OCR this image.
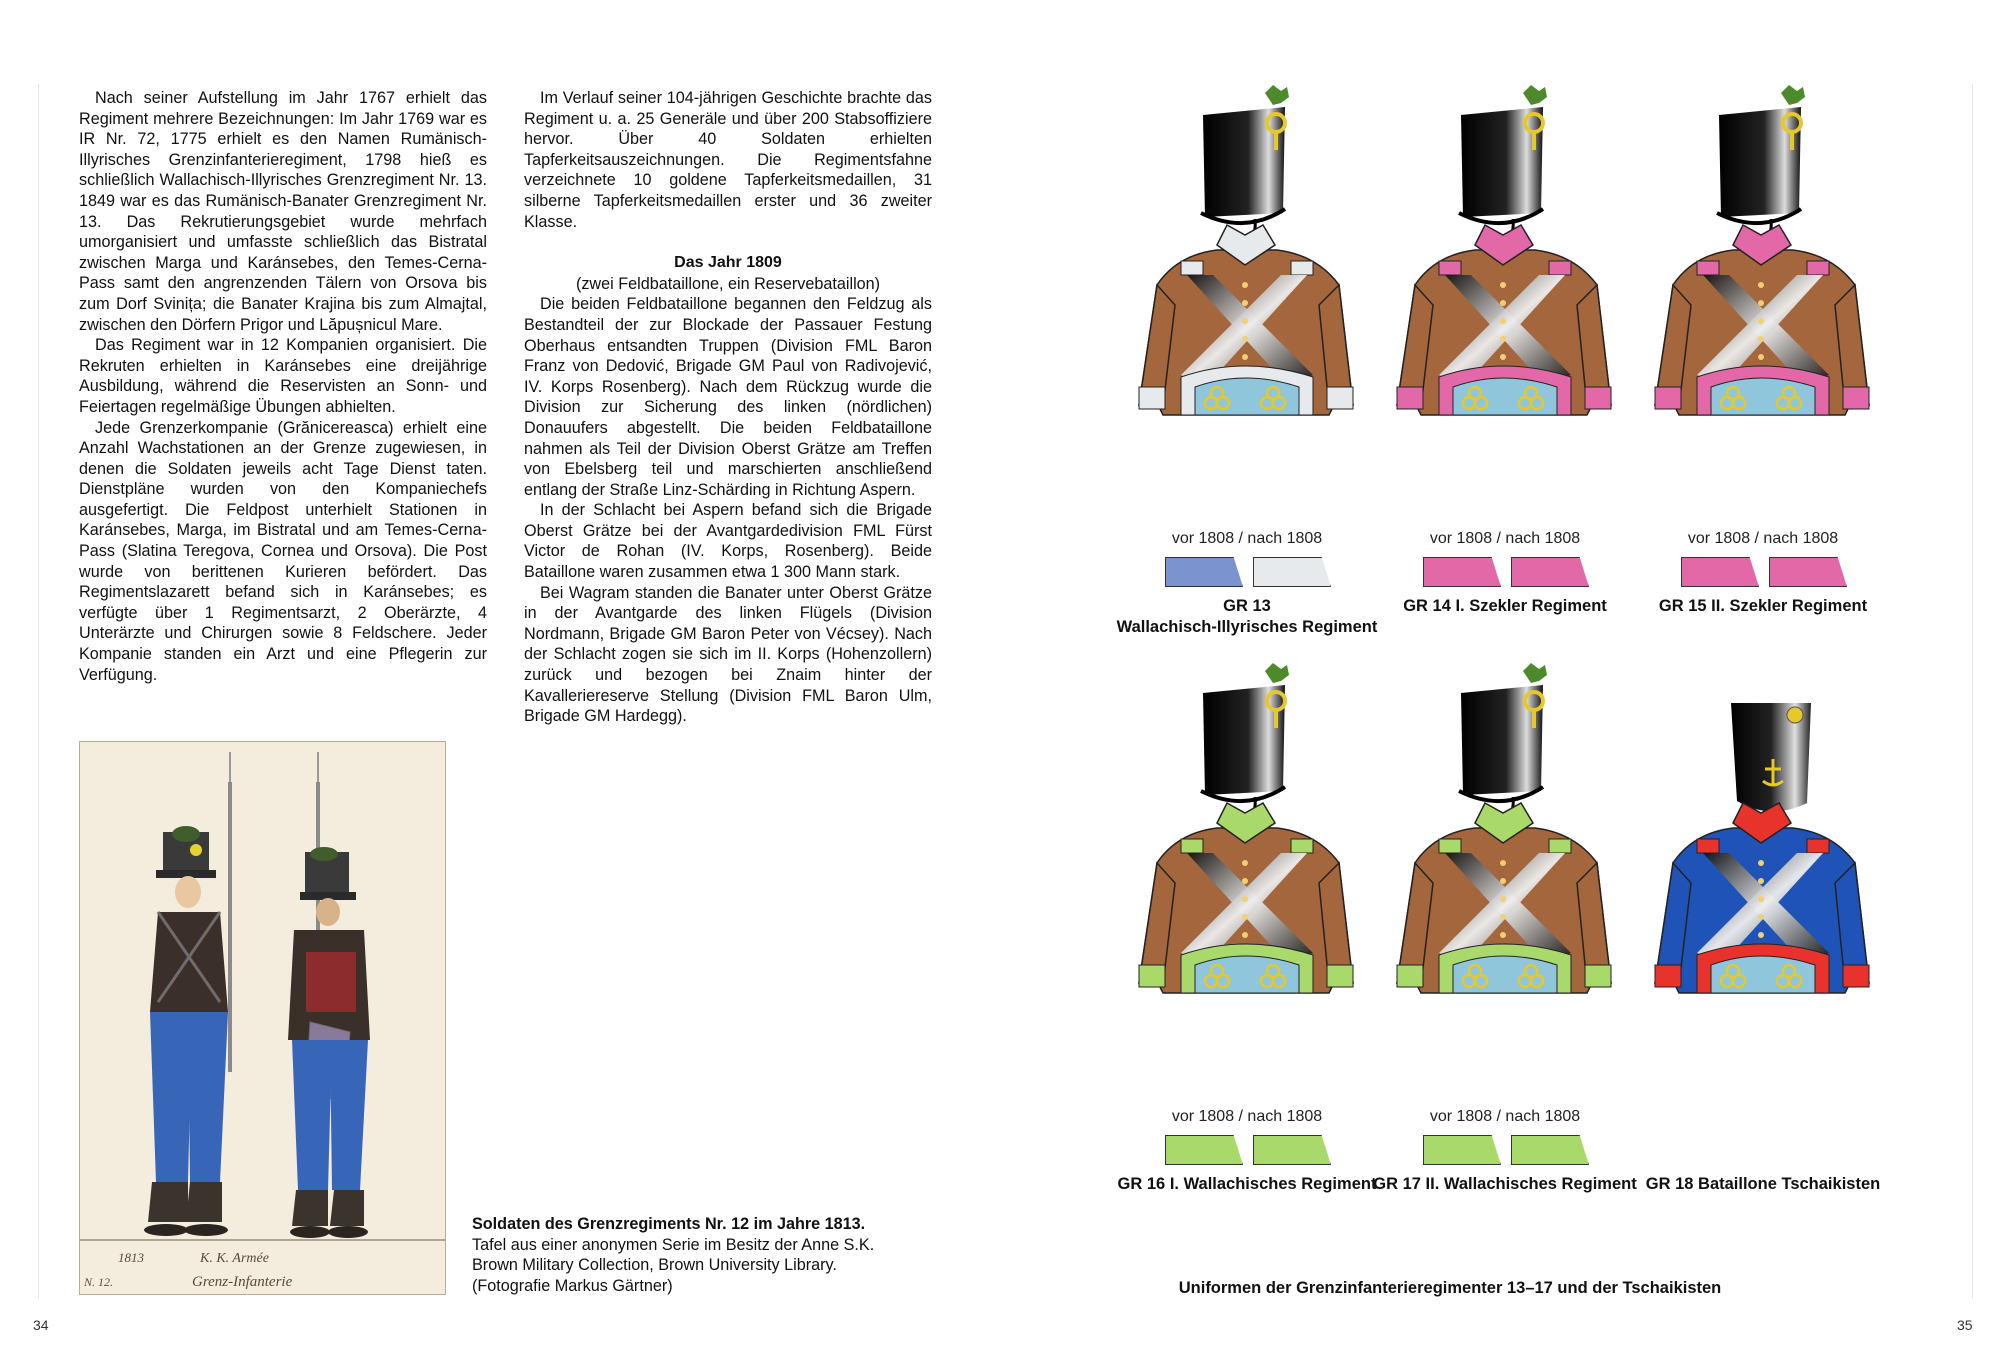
Nach seiner Aufstellung im Jahr 1767 erhielt das Regiment mehrere Bezeichnungen: Im Jahr 1769 war es IR Nr. 72, 1775 erhielt es den Namen Rumänisch-Illyrisches Grenzinfanterieregiment, 1798 hieß es schließlich Wallachisch-Illyrisches Grenzregiment Nr. 13. 1849 war es das Rumänisch-Banater Grenzregiment Nr. 13. Das Rekrutierungsgebiet wurde mehrfach umorganisiert und umfasste schließlich das Bistratal zwischen Marga und Karánsebes, den Temes-Cerna-Pass samt den angrenzenden Tälern von Orsova bis zum Dorf Svinița; die Banater Krajina bis zum Almajtal, zwischen den Dörfern Prigor und Lăpușnicul Mare.

Das Regiment war in 12 Kompanien organisiert. Die Rekruten erhielten in Karánsebes eine dreijährige Ausbildung, während die Reservisten an Sonn- und Feiertagen regelmäßige Übungen abhielten.

Jede Grenzerkompanie (Grănicereasca) erhielt eine Anzahl Wachstationen an der Grenze zugewiesen, in denen die Soldaten jeweils acht Tage Dienst taten. Dienstpläne wurden von den Kompaniechefs ausgefertigt. Die Feldpost unterhielt Stationen in Karánsebes, Marga, im Bistratal und am Temes-Cerna-Pass (Slatina Teregova, Cornea und Orsova). Die Post wurde von berittenen Kurieren befördert. Das Regimentslazarett befand sich in Karánsebes; es verfügte über 1 Regimentsarzt, 2 Oberärzte, 4 Unterärzte und Chirurgen sowie 8 Feldschere. Jeder Kompanie standen ein Arzt und eine Pflegerin zur Verfügung.

Im Verlauf seiner 104-jährigen Geschichte brachte das Regiment u. a. 25 Generäle und über 200 Stabsoffiziere hervor. Über 40 Soldaten erhielten Tapferkeitsauszeichnungen. Die Regimentsfahne verzeichnete 10 goldene Tapferkeitsmedaillen, 31 silberne Tapferkeitsmedaillen erster und 36 zweiter Klasse.

Das Jahr 1809

(zwei Feldbataillone, ein Reservebataillon)

Die beiden Feldbataillone begannen den Feldzug als Bestandteil der zur Blockade der Passauer Festung Oberhaus entsandten Truppen (Division FML Baron Franz von Dedović, Brigade GM Paul von Radivojević, IV. Korps Rosenberg). Nach dem Rückzug wurde die Division zur Sicherung des linken (nördlichen) Donauufers abgestellt. Die beiden Feldbataillone nahmen als Teil der Division Oberst Grätze am Treffen von Ebelsberg teil und marschierten anschließend entlang der Straße Linz-Schärding in Richtung Aspern.

In der Schlacht bei Aspern befand sich die Brigade Oberst Grätze bei der Avantgardedivision FML Fürst Victor de Rohan (IV. Korps, Rosenberg). Beide Bataillone waren zusammen etwa 1 300 Mann stark.

Bei Wagram standen die Banater unter Oberst Grätze in der Avantgarde des linken Flügels (Division Nordmann, Brigade GM Baron Peter von Vécsey). Nach der Schlacht zogen sie sich im II. Korps (Hohenzollern) zurück und bezogen bei Znaim hinter der Kavalleriereserve Stellung (Division FML Baron Ulm, Brigade GM Hardegg).

1813	K. K. Armée
Grenz-Infanterie
N. 12.
Soldaten des Grenzregiments Nr. 12 im Jahre 1813.
Tafel aus einer anonymen Serie im Besitz der Anne S.K. Brown Military Collection, Brown University Library. (Fotografie Markus Gärtner)
34	35
vor 1808 / nach 1808
GR 13
Wallachisch-Illyrisches Regiment
vor 1808 / nach 1808
GR 14 I. Szekler Regiment
vor 1808 / nach 1808
GR 15 II. Szekler Regiment
vor 1808 / nach 1808
GR 16 I. Wallachisches Regiment
vor 1808 / nach 1808
GR 17 II. Wallachisches Regiment GR 18 Bataillone Tschaikisten
Uniformen der Grenzinfanterieregimenter 13–17 und der Tschaikisten
